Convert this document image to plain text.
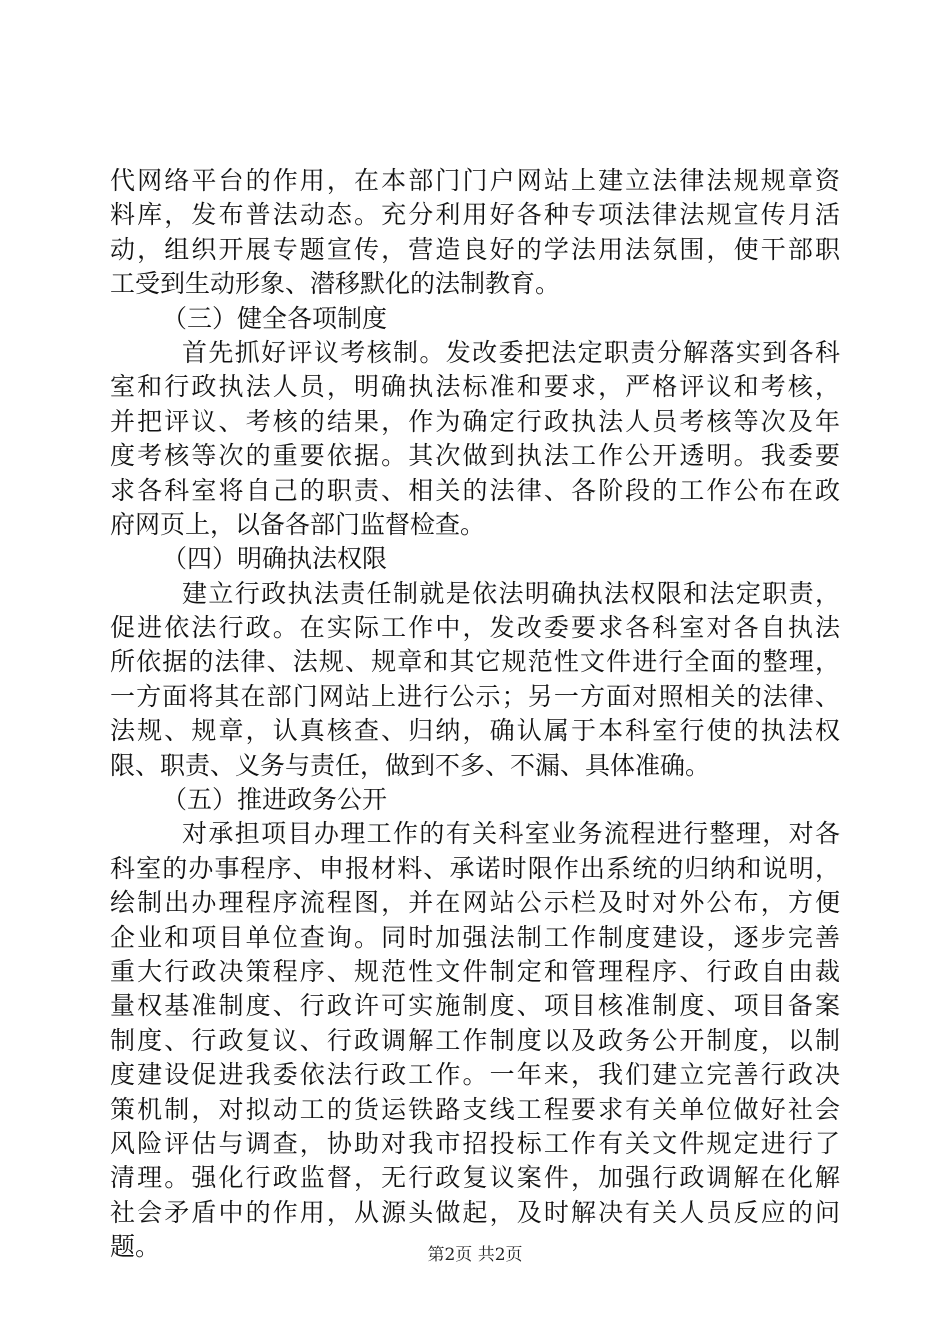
代网络平台的作用，在本部门门户网站上建立法律法规规章资
料库，发布普法动态。充分利用好各种专项法律法规宣传月活
动，组织开展专题宣传，营造良好的学法用法氛围，使干部职
工受到生动形象、潜移默化的法制教育。
（三）健全各项制度
首先抓好评议考核制。发改委把法定职责分解落实到各科
室和行政执法人员，明确执法标准和要求，严格评议和考核，
并把评议、考核的结果，作为确定行政执法人员考核等次及年
度考核等次的重要依据。其次做到执法工作公开透明。我委要
求各科室将自己的职责、相关的法律、各阶段的工作公布在政
府网页上，以备各部门监督检查。
（四）明确执法权限
建立行政执法责任制就是依法明确执法权限和法定职责，
促进依法行政。在实际工作中，发改委要求各科室对各自执法
所依据的法律、法规、规章和其它规范性文件进行全面的整理，
一方面将其在部门网站上进行公示；另一方面对照相关的法律、
法规、规章，认真核查、归纳，确认属于本科室行使的执法权
限、职责、义务与责任，做到不多、不漏、具体准确。
（五）推进政务公开
对承担项目办理工作的有关科室业务流程进行整理，对各
科室的办事程序、申报材料、承诺时限作出系统的归纳和说明，
绘制出办理程序流程图，并在网站公示栏及时对外公布，方便
企业和项目单位查询。同时加强法制工作制度建设，逐步完善
重大行政决策程序、规范性文件制定和管理程序、行政自由裁
量权基准制度、行政许可实施制度、项目核准制度、项目备案
制度、行政复议、行政调解工作制度以及政务公开制度，以制
度建设促进我委依法行政工作。一年来，我们建立完善行政决
策机制，对拟动工的货运铁路支线工程要求有关单位做好社会
风险评估与调查，协助对我市招投标工作有关文件规定进行了
清理。强化行政监督，无行政复议案件，加强行政调解在化解
社会矛盾中的作用，从源头做起，及时解决有关人员反应的问
题。	第2页 共2页
